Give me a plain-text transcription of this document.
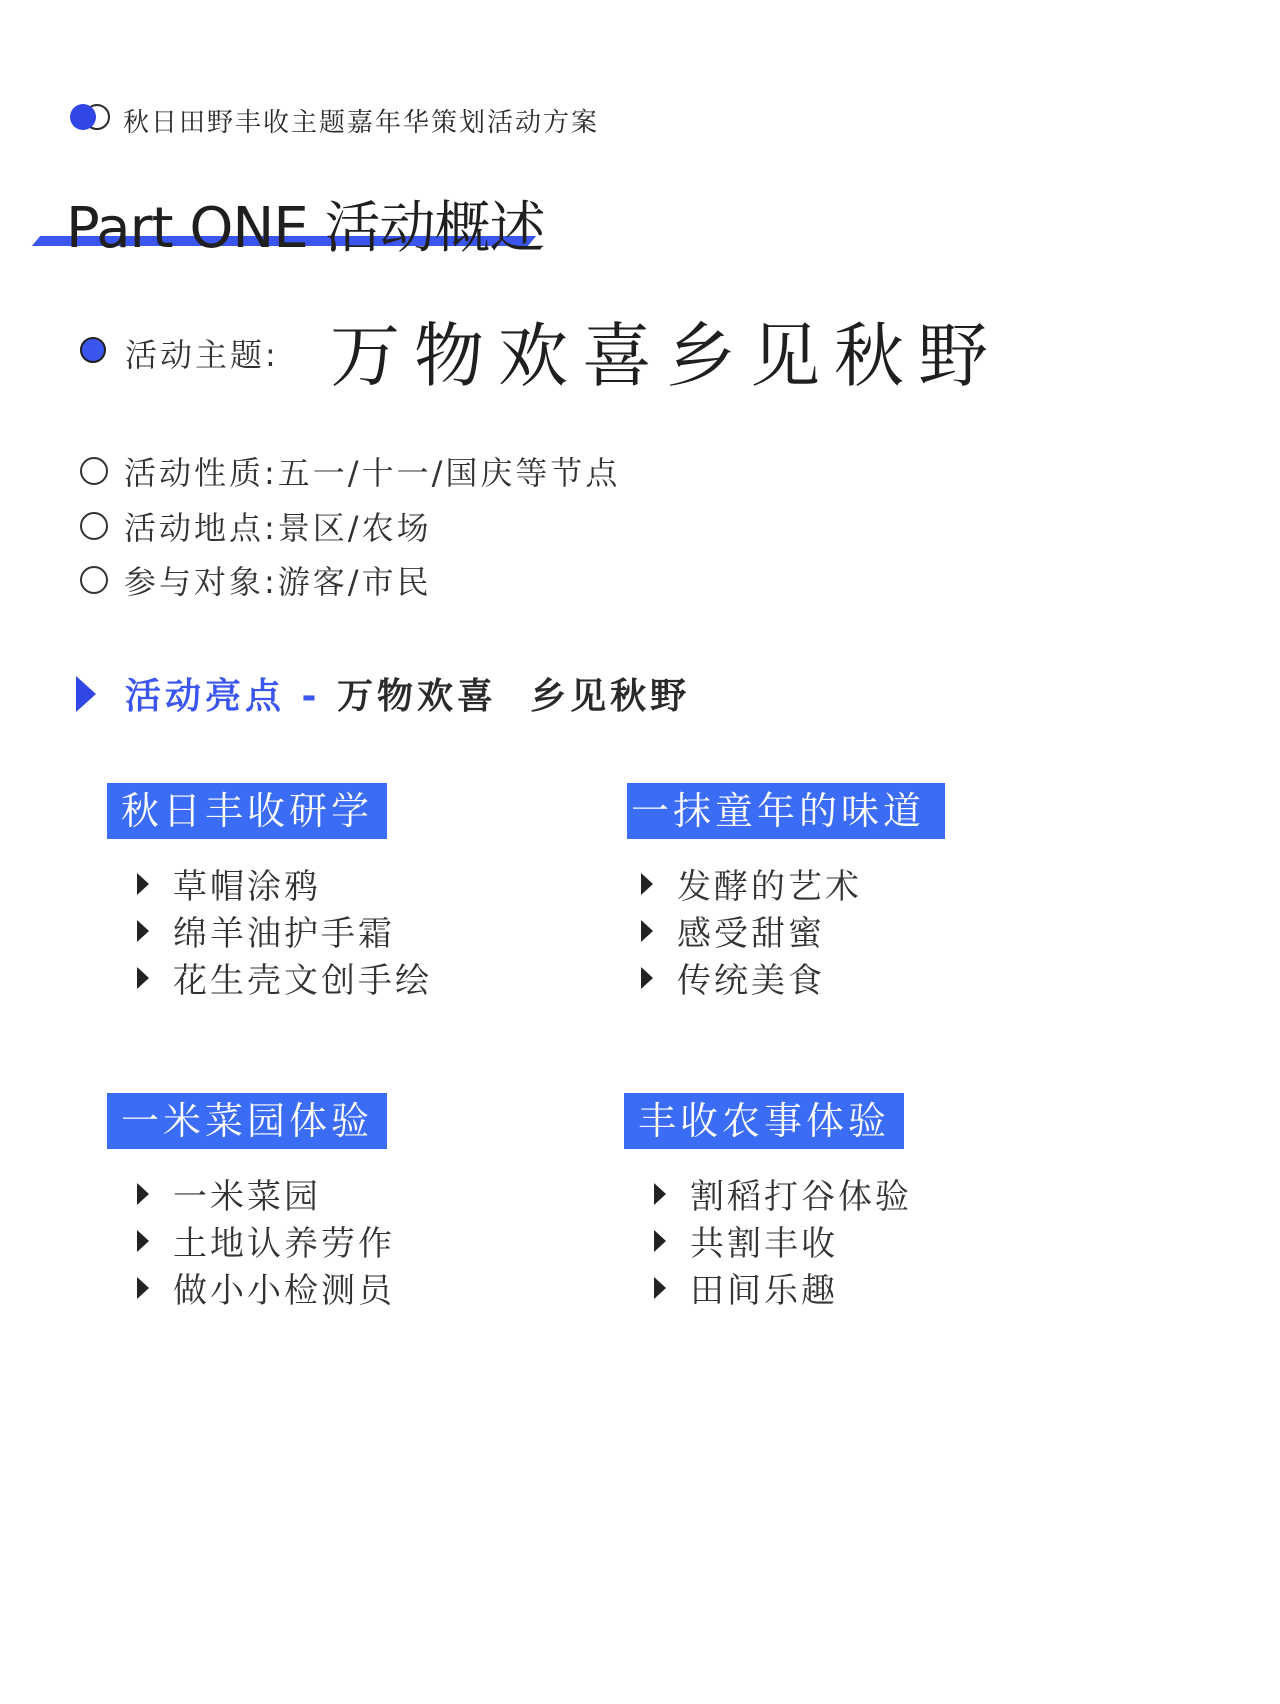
秋日田野丰收主题嘉年华策划活动方案
Part ONE 活动概述
活动主题: 万物欢喜乡见秋野
活动性质:五一/十一/国庆等节点
活动地点:景区/农场
参与对象:游客/市民
活动亮点 - 万物欢喜  乡见秋野
秋日丰收研学
草帽涂鸦
绵羊油护手霜
花生壳文创手绘
一抹童年的味道
发酵的艺术
感受甜蜜
传统美食
一米菜园体验
一米菜园
土地认养劳作
做小小检测员
丰收农事体验
割稻打谷体验
共割丰收
田间乐趣
